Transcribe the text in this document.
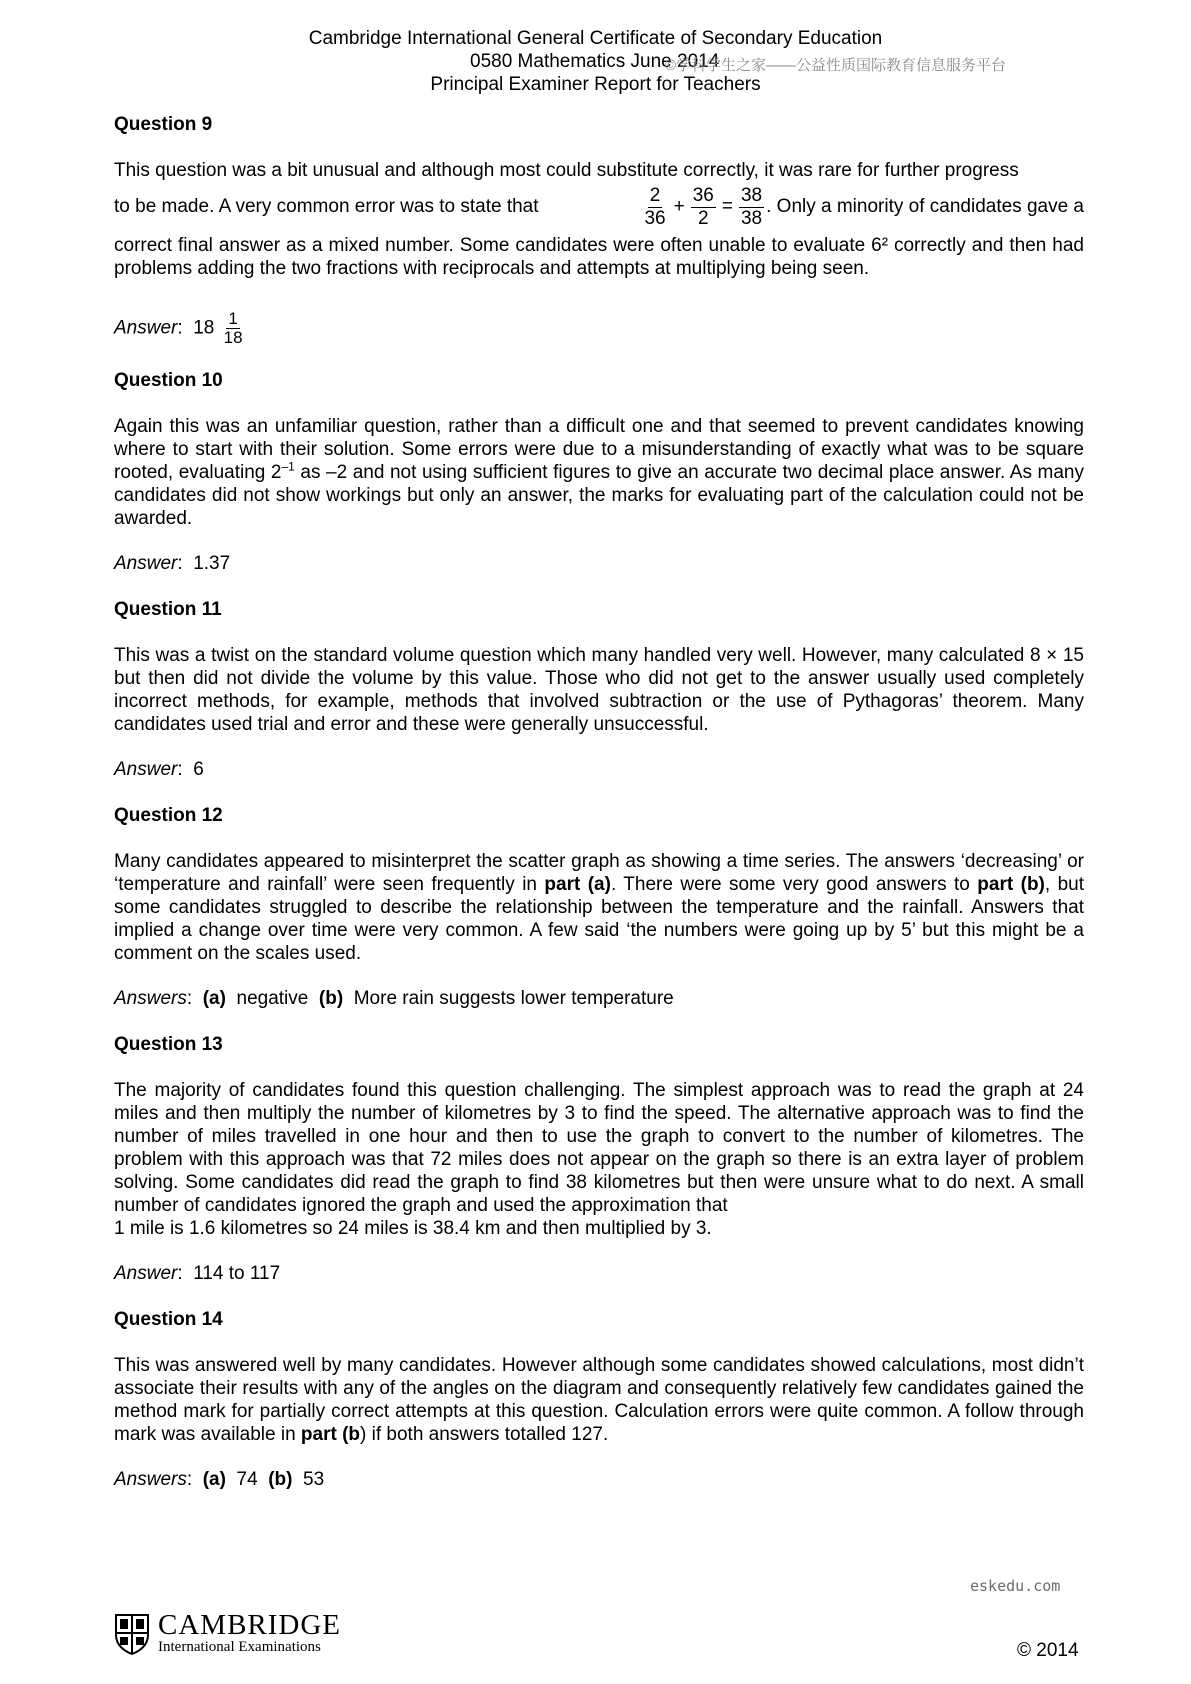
Cambridge International General Certificate of Secondary Education
0580 Mathematics June 2014
Principal Examiner Report for Teachers
©学科学生之家——公益性质国际教育信息服务平台
Question 9
This question was a bit unusual and although most could substitute correctly, it was rare for further progress
to be made. A very common error was to state that	$\frac{2}{36} + \frac{36}{2} = \frac{38}{38}$ . Only a minority of candidates gave a
correct final answer as a mixed number. Some candidates were often unable to evaluate 6² correctly and then had problems adding the two fractions with reciprocals and attempts at multiplying being seen.
Answer:  $18 \frac{1}{18}$
Question 10
Again this was an unfamiliar question, rather than a difficult one and that seemed to prevent candidates knowing where to start with their solution. Some errors were due to a misunderstanding of exactly what was to be square rooted, evaluating $2^{-1}$ as –2 and not using sufficient figures to give an accurate two decimal place answer. As many candidates did not show workings but only an answer, the marks for evaluating part of the calculation could not be awarded.
Answer:  1.37
Question 11
This was a twist on the standard volume question which many handled very well. However, many calculated 8 × 15 but then did not divide the volume by this value. Those who did not get to the answer usually used completely incorrect methods, for example, methods that involved subtraction or the use of Pythagoras’ theorem. Many candidates used trial and error and these were generally unsuccessful.
Answer:  6
Question 12
Many candidates appeared to misinterpret the scatter graph as showing a time series. The answers ‘decreasing’ or ‘temperature and rainfall’ were seen frequently in part (a). There were some very good answers to part (b), but some candidates struggled to describe the relationship between the temperature and the rainfall. Answers that implied a change over time were very common. A few said ‘the numbers were going up by 5’ but this might be a comment on the scales used.
Answers:  (a) negative (b) More rain suggests lower temperature
Question 13
The majority of candidates found this question challenging. The simplest approach was to read the graph at 24 miles and then multiply the number of kilometres by 3 to find the speed. The alternative approach was to find the number of miles travelled in one hour and then to use the graph to convert to the number of kilometres. The problem with this approach was that 72 miles does not appear on the graph so there is an extra layer of problem solving. Some candidates did read the graph to find 38 kilometres but then were unsure what to do next. A small number of candidates ignored the graph and used the approximation that
1 mile is 1.6 kilometres so 24 miles is 38.4 km and then multiplied by 3.
Answer:  114 to 117
Question 14
This was answered well by many candidates. However although some candidates showed calculations, most didn’t associate their results with any of the angles on the diagram and consequently relatively few candidates gained the method mark for partially correct attempts at this question. Calculation errors were quite common. A follow through mark was available in part (b) if both answers totalled 127.
Answers:  (a) 74 (b) 53
eskedu.com
CAMBRIDGE
International Examinations	© 2014
